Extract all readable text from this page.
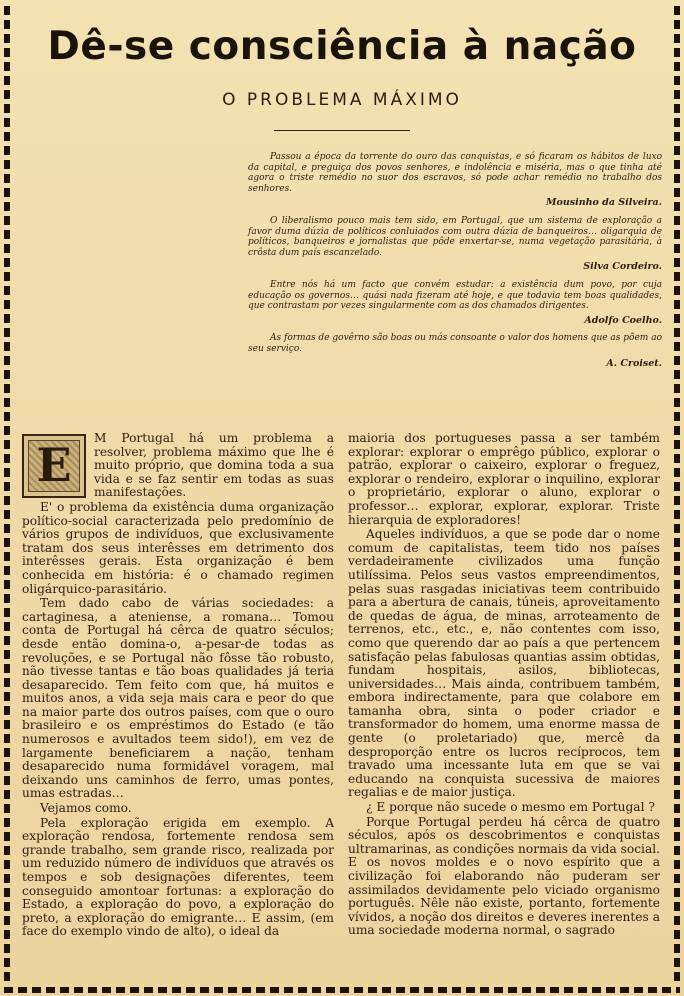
Dê-se consciência à nação
O PROBLEMA MÁXIMO

Passou a época da torrente do ouro das conquistas, e só ficaram os hábitos de luxo da capital, e preguiça dos povos senhores, e indolência e miséria, mas o que tinha até agora o triste remédio no suor dos escravos, só pode achar remédio no trabalho dos senhores.

Mousinho da Silveira.

O liberalismo pouco mais tem sido, em Portugal, que um sistema de exploração a favor duma dúzia de políticos conluiados com outra dúzia de banqueiros… oligarquia de políticos, banqueiros e jornalistas que pôde enxertar-se, numa vegetação parasitária, à crôsta dum país escanzelado.

Silva Cordeiro.

Entre nós há um facto que convém estudar: a existência dum povo, por cuja educação os governos… quási nada fizeram até hoje, e que todavia tem boas qualidades, que contrastam por vezes singularmente com as dos chamados dirigentes.

Adolfo Coelho.

As formas de govêrno são boas ou más consoante o valor dos homens que as põem ao seu serviço.

A. Croiset.
E

M Portugal há um problema a resolver, problema máximo que lhe é muito próprio, que domina toda a sua vida e se faz sentir em todas as suas manifestações.

E' o problema da existência duma organização político-social caracterizada pelo predomínio de vários grupos de indivíduos, que exclusivamente tratam dos seus interêsses em detrimento dos interêsses gerais. Esta organização é bem conhecida em história: é o chamado regimen oligárquico-parasitário.

Tem dado cabo de várias sociedades: a cartaginesa, a ateniense, a romana… Tomou conta de Portugal há cêrca de quatro séculos; desde então domina-o, a-pesar-de todas as revoluções, e se Portugal não fôsse tão robusto, não tivesse tantas e tão boas qualidades já teria desaparecido. Tem feito com que, há muitos e muitos anos, a vida seja mais cara e peor do que na maior parte dos outros países, com que o ouro brasileiro e os empréstimos do Estado (e tão numerosos e avultados teem sido!), em vez de largamente beneficiarem a nação, tenham desaparecido numa formidável voragem, mal deixando uns caminhos de ferro, umas pontes, umas estradas…

Vejamos como.

Pela exploração erigida em exemplo. A exploração rendosa, fortemente rendosa sem grande trabalho, sem grande risco, realizada por um reduzido número de indivíduos que através os tempos e sob designações diferentes, teem conseguido amontoar fortunas: a exploração do Estado, a exploração do povo, a exploração do preto, a exploração do emigrante… E assim, (em face do exemplo vindo de alto), o ideal da

maioria dos portugueses passa a ser também explorar: explorar o emprêgo público, explorar o patrão, explorar o caixeiro, explorar o freguez, explorar o rendeiro, explorar o inquilino, explorar o proprietário, explorar o aluno, explorar o professor… explorar, explorar, explorar. Triste hierarquia de exploradores!

Aqueles indivíduos, a que se pode dar o nome comum de capitalistas, teem tido nos países verdadeiramente civilizados uma função utilíssima. Pelos seus vastos empreendimentos, pelas suas rasgadas iniciativas teem contribuido para a abertura de canais, túneis, aproveitamento de quedas de água, de minas, arroteamento de terrenos, etc., etc., e, não contentes com isso, como que querendo dar ao país a que pertencem satisfação pelas fabulosas quantias assim obtidas, fundam hospitais, asilos, bibliotecas, universidades… Mais ainda, contribuem também, embora indirectamente, para que colabore em tamanha obra, sinta o poder criador e transformador do homem, uma enorme massa de gente (o proletariado) que, mercê da desproporção entre os lucros recíprocos, tem travado uma incessante luta em que se vai educando na conquista sucessiva de maiores regalias e de maior justiça.

¿ E porque não sucede o mesmo em Portugal ?

Porque Portugal perdeu há cêrca de quatro séculos, após os descobrimentos e conquistas ultramarinas, as condições normais da vida social. E os novos moldes e o novo espírito que a civilização foi elaborando não puderam ser assimilados devidamente pelo viciado organismo português. Nêle não existe, portanto, fortemente vívidos, a noção dos direitos e deveres inerentes a uma sociedade moderna normal, o sagrado
